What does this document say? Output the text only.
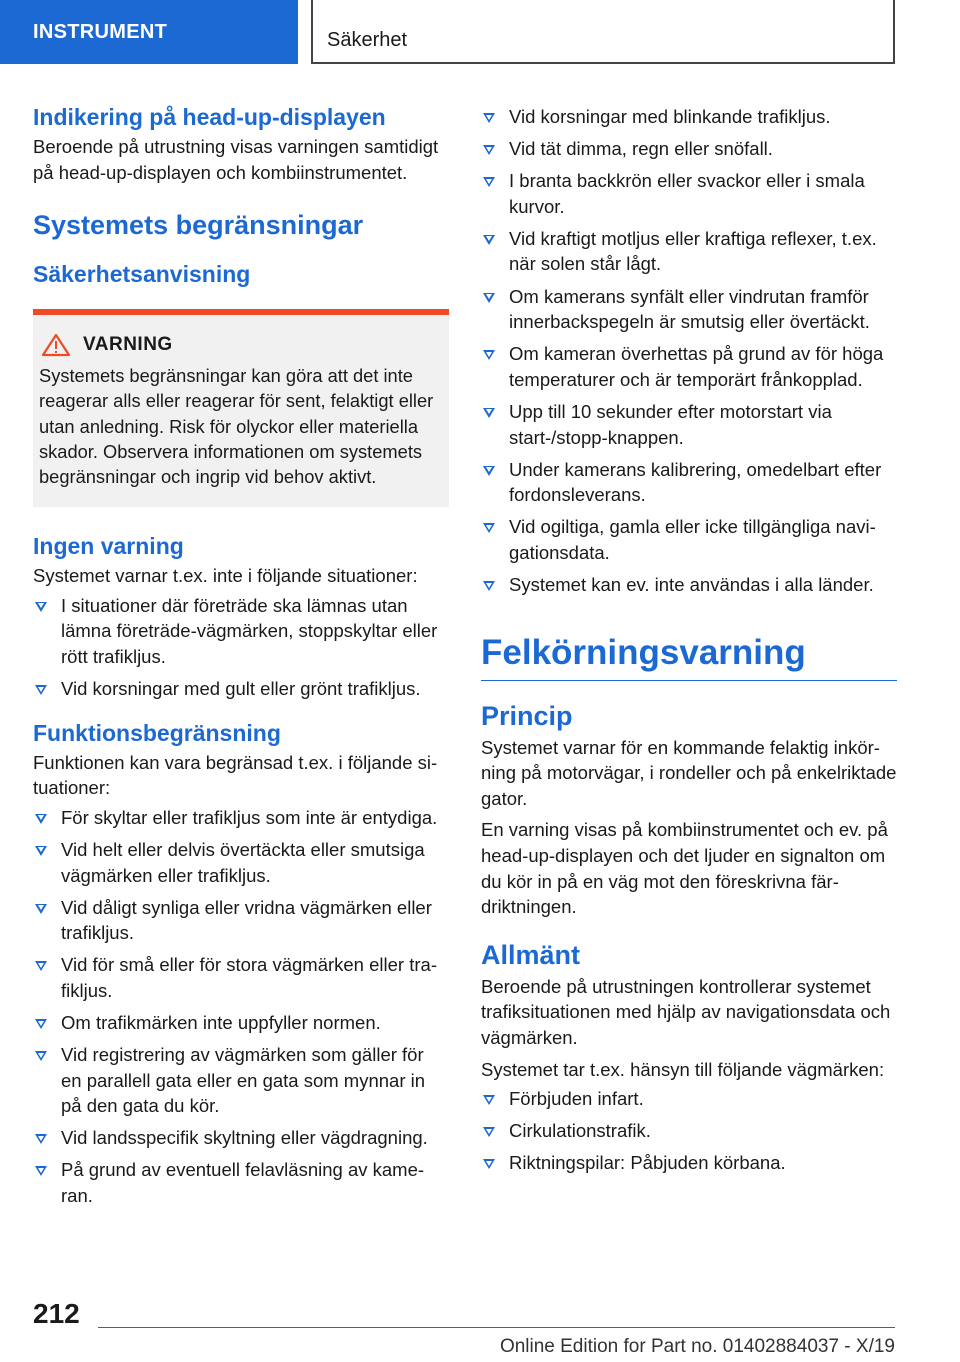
INSTRUMENT	Säkerhet
Indikering på head-up-displayen

Beroende på utrustning visas varningen samtidigt på head-up-displayen och kombiinstrumentet.

Systemets begränsningar
Säkerhetsanvisning
VARNING

Systemets begränsningar kan göra att det inte reagerar alls eller reagerar för sent, felaktigt eller utan anledning. Risk för olyckor eller materiella skador. Observera informationen om systemets begränsningar och ingrip vid behov aktivt.

Ingen varning

Systemet varnar t.ex. inte i följande situationer:

I situationer där företräde ska lämnas utan lämna företräde-vägmärken, stoppskyltar eller rött trafikljus.
Vid korsningar med gult eller grönt trafikljus.
Funktionsbegränsning

Funktionen kan vara begränsad t.ex. i följande situationer:

För skyltar eller trafikljus som inte är entydiga.
Vid helt eller delvis övertäckta eller smutsiga vägmärken eller trafikljus.
Vid dåligt synliga eller vridna vägmärken eller trafikljus.
Vid för små eller för stora vägmärken eller trafikljus.
Om trafikmärken inte uppfyller normen.
Vid registrering av vägmärken som gäller för en parallell gata eller en gata som mynnar in på den gata du kör.
Vid landsspecifik skyltning eller vägdragning.
På grund av eventuell felavläsning av kameran.
Vid korsningar med blinkande trafikljus.
Vid tät dimma, regn eller snöfall.
I branta backkrön eller svackor eller i smala kurvor.
Vid kraftigt motljus eller kraftiga reflexer, t.ex. när solen står lågt.
Om kamerans synfält eller vindrutan framför innerbackspegeln är smutsig eller övertäckt.
Om kameran överhettas på grund av för höga temperaturer och är temporärt frånkopplad.
Upp till 10 sekunder efter motorstart via start-/stopp-knappen.
Under kamerans kalibrering, omedelbart efter fordonsleverans.
Vid ogiltiga, gamla eller icke tillgängliga navigationsdata.
Systemet kan ev. inte användas i alla länder.
Felkörningsvarning
Princip

Systemet varnar för en kommande felaktig inkörning på motorvägar, i rondeller och på enkelriktade gator.

En varning visas på kombiinstrumentet och ev. på head-up-displayen och det ljuder en signalton om du kör in på en väg mot den föreskrivna färdriktningen.

Allmänt

Beroende på utrustningen kontrollerar systemet trafiksituationen med hjälp av navigationsdata och vägmärken.

Systemet tar t.ex. hänsyn till följande vägmärken:

Förbjuden infart.
Cirkulationstrafik.
Riktningspilar: Påbjuden körbana.
212
Online Edition for Part no. 01402884037 - X/19
